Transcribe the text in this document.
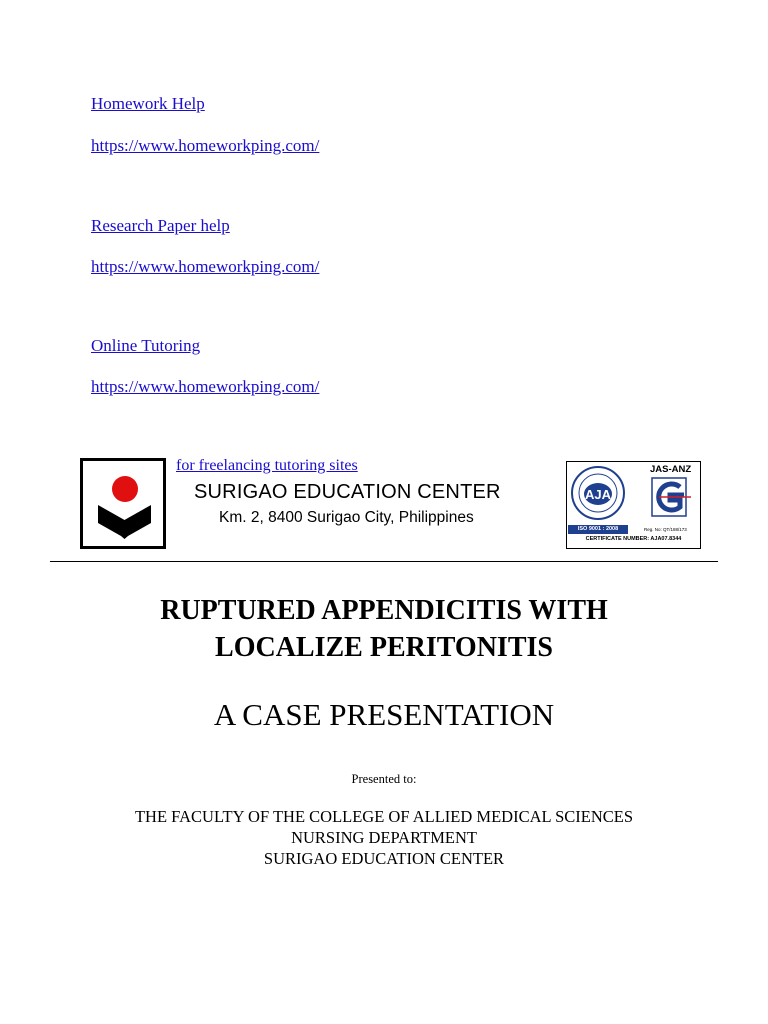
Homework Help
https://www.homeworkping.com/
Research Paper help
https://www.homeworkping.com/
Online Tutoring
https://www.homeworkping.com/
for freelancing tutoring sites
SURIGAO EDUCATION CENTER
Km. 2, 8400 Surigao City, Philippines
AJA
JAS-ANZ
ISO 9001 : 2008	Reg. No: QT/188/173
CERTIFICATE NUMBER: AJA07.8344
RUPTURED APPENDICITIS WITH
LOCALIZE PERITONITIS
A CASE PRESENTATION
Presented to:
THE FACULTY OF THE COLLEGE OF ALLIED MEDICAL SCIENCES
NURSING DEPARTMENT
SURIGAO EDUCATION CENTER
